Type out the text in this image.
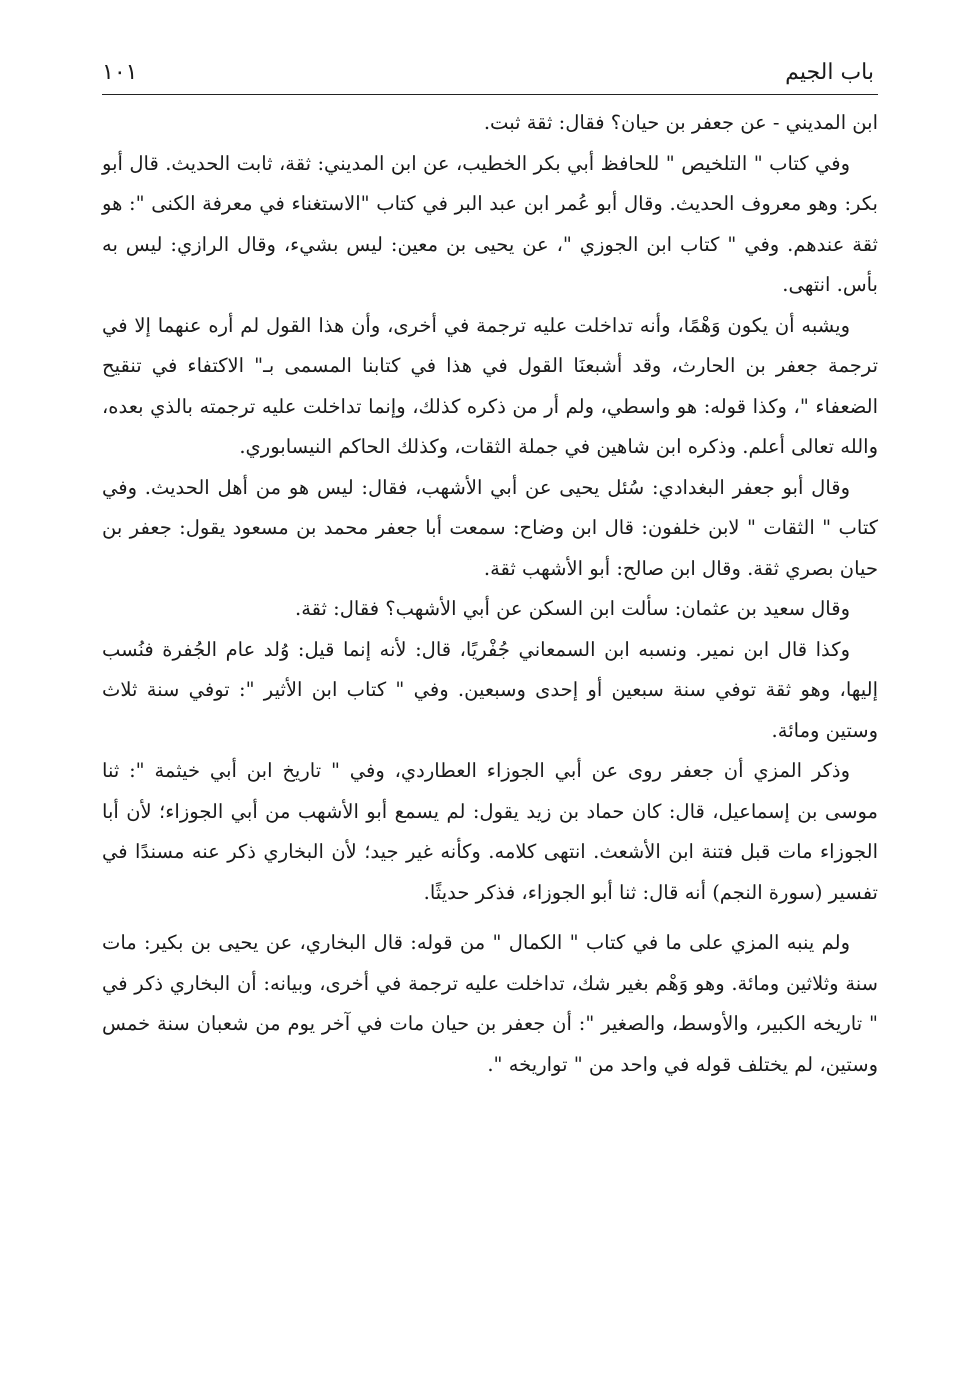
باب الجيم
١٠١

ابن المديني - عن جعفر بن حيان؟ فقال: ثقة ثبت.

وفي كتاب " التلخيص " للحافظ أبي بكر الخطيب، عن ابن المديني: ثقة، ثابت الحديث. قال أبو بكر: وهو معروف الحديث. وقال أبو عُمر ابن عبد البر في كتاب "الاستغناء في معرفة الكنى ": هو ثقة عندهم. وفي " كتاب ابن الجوزي "، عن يحيى بن معين: ليس بشيء، وقال الرازي: ليس به بأس. انتهى.

ويشبه أن يكون وَهْمًا، وأنه تداخلت عليه ترجمة في أخرى، وأن هذا القول لم أره عنهما إلا في ترجمة جعفر بن الحارث، وقد أشبعنَا القول في هذا في كتابنا المسمى بـ" الاكتفاء في تنقيح الضعفاء "، وكذا قوله: هو واسطي، ولم أر من ذكره كذلك، وإنما تداخلت عليه ترجمته بالذي بعده، والله تعالى أعلم. وذكره ابن شاهين في جملة الثقات، وكذلك الحاكم النيسابوري.

وقال أبو جعفر البغدادي: سُئل يحيى عن أبي الأشهب، فقال: ليس هو من أهل الحديث. وفي كتاب " الثقات " لابن خلفون: قال ابن وضاح: سمعت أبا جعفر محمد بن مسعود يقول: جعفر بن حيان بصري ثقة. وقال ابن صالح: أبو الأشهب ثقة.

وقال سعيد بن عثمان: سألت ابن السكن عن أبي الأشهب؟ فقال: ثقة.

وكذا قال ابن نمير. ونسبه ابن السمعاني جُفْريًا، قال: لأنه إنما قيل: وُلد عام الجُفرة فنُسب إليها، وهو ثقة توفي سنة سبعين أو إحدى وسبعين. وفي " كتاب ابن الأثير ": توفي سنة ثلاث وستين ومائة.

وذكر المزي أن جعفر روى عن أبي الجوزاء العطاردي، وفي " تاريخ ابن أبي خيثمة ": ثنا موسى بن إسماعيل، قال: كان حماد بن زيد يقول: لم يسمع أبو الأشهب من أبي الجوزاء؛ لأن أبا الجوزاء مات قبل فتنة ابن الأشعث. انتهى كلامه. وكأنه غير جيد؛ لأن البخاري ذكر عنه مسندًا في تفسير (سورة النجم) أنه قال: ثنا أبو الجوزاء، فذكر حديثًا.

ولم ينبه المزي على ما في كتاب " الكمال " من قوله: قال البخاري، عن يحيى بن بكير: مات سنة وثلاثين ومائة. وهو وَهْم بغير شك، تداخلت عليه ترجمة في أخرى، وبيانه: أن البخاري ذكر في " تاريخه الكبير، والأوسط، والصغير ": أن جعفر بن حيان مات في آخر يوم من شعبان سنة خمس وستين، لم يختلف قوله في واحد من " تواريخه ".
